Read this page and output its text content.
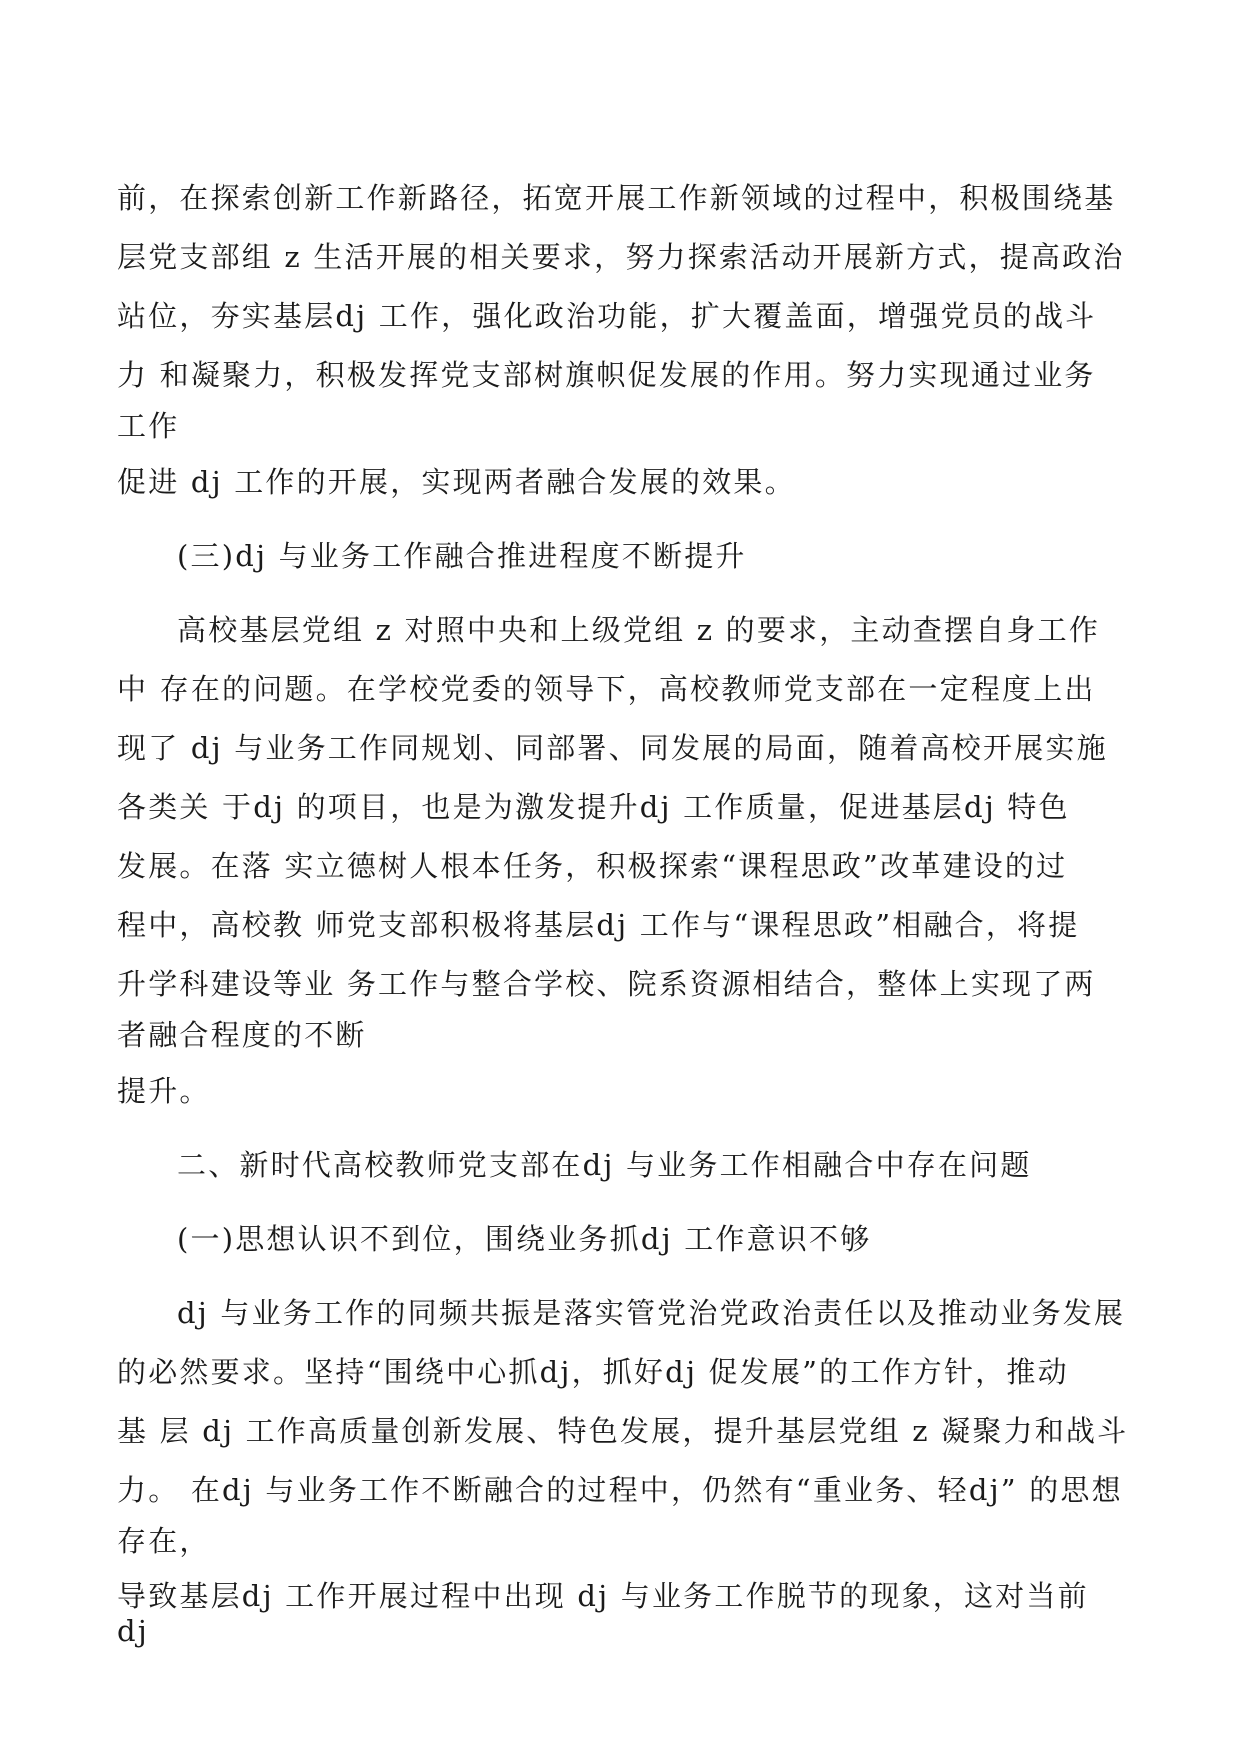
前，在探索创新工作新路径，拓宽开展工作新领域的过程中，积极围绕基
层党支部组 z 生活开展的相关要求，努力探索活动开展新方式，提高政治
站位，夯实基层dj 工作，强化政治功能，扩大覆盖面，增强党员的战斗
力 和凝聚力，积极发挥党支部树旗帜促发展的作用。努力实现通过业务
工作
促进 dj 工作的开展，实现两者融合发展的效果。
(三)dj 与业务工作融合推进程度不断提升
高校基层党组 z 对照中央和上级党组 z 的要求，主动查摆自身工作
中 存在的问题。在学校党委的领导下，高校教师党支部在一定程度上出
现了 dj 与业务工作同规划、同部署、同发展的局面，随着高校开展实施
各类关 于dj 的项目，也是为激发提升dj 工作质量，促进基层dj 特色
发展。在落 实立德树人根本任务，积极探索“课程思政”改革建设的过
程中，高校教 师党支部积极将基层dj 工作与“课程思政”相融合，将提
升学科建设等业 务工作与整合学校、院系资源相结合，整体上实现了两
者融合程度的不断
提升。
二、新时代高校教师党支部在dj 与业务工作相融合中存在问题
(一)思想认识不到位，围绕业务抓dj 工作意识不够
dj 与业务工作的同频共振是落实管党治党政治责任以及推动业务发展
的必然要求。坚持“围绕中心抓dj，抓好dj 促发展”的工作方针，推动
基 层 dj 工作高质量创新发展、特色发展，提升基层党组 z 凝聚力和战斗
力。 在dj 与业务工作不断融合的过程中，仍然有“重业务、轻dj” 的思想
存在，
导致基层dj 工作开展过程中出现 dj 与业务工作脱节的现象，这对当前
dj
